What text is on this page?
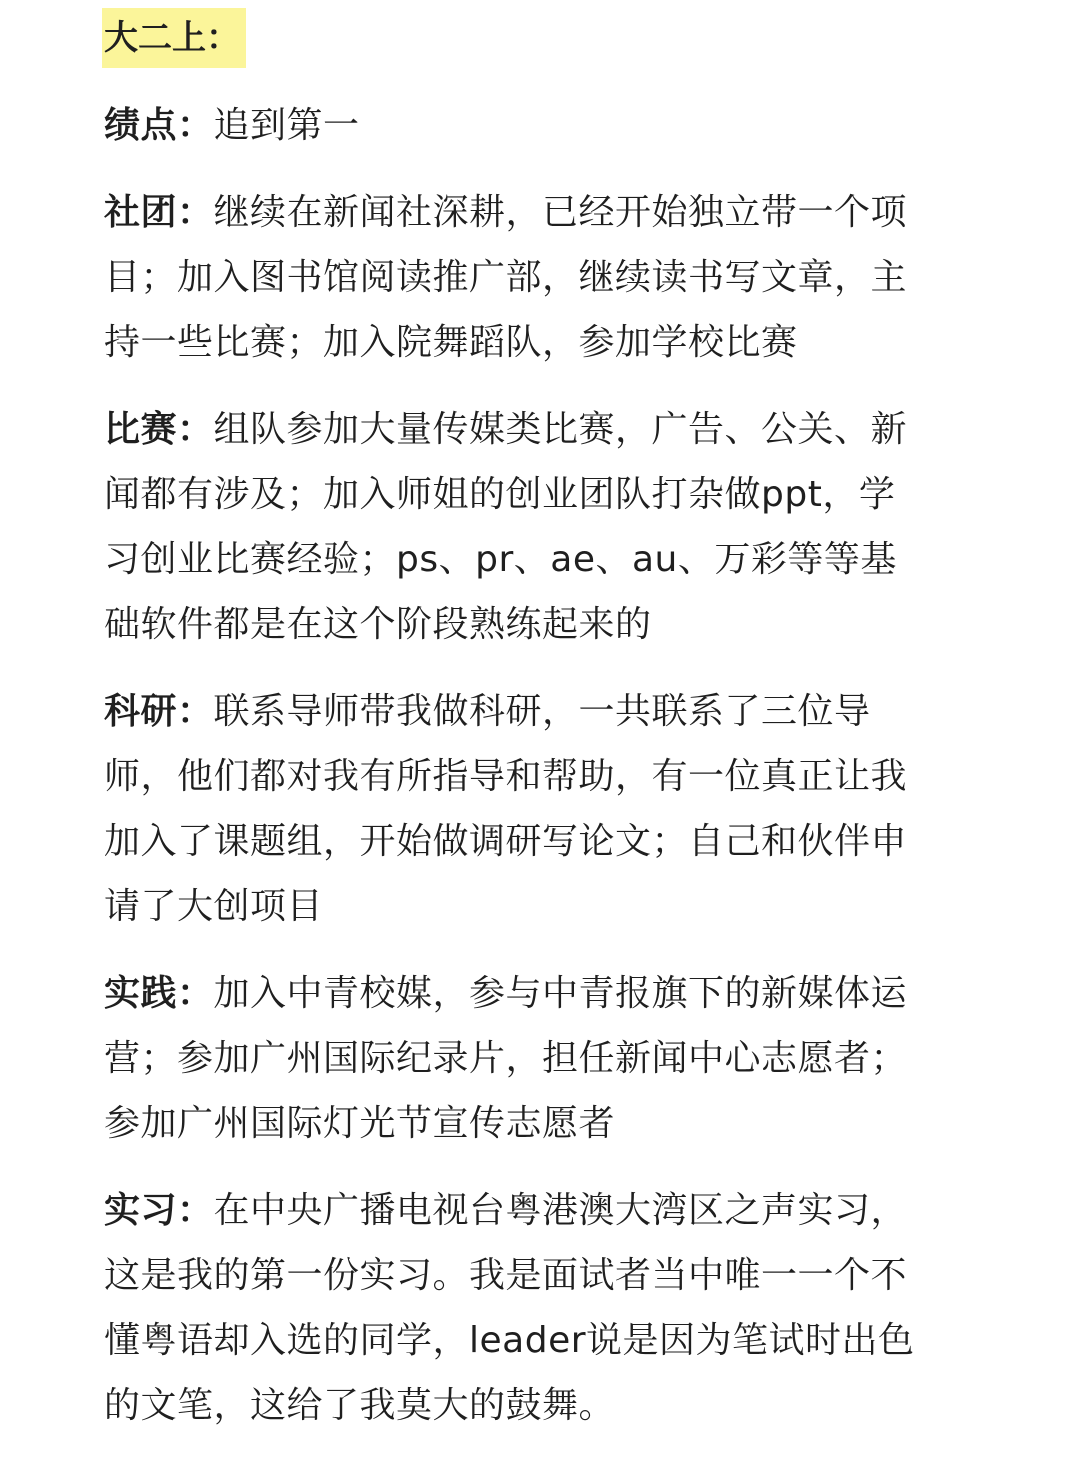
大二上：
绩点：追到第一
社团：继续在新闻社深耕，已经开始独立带一个项目；加入图书馆阅读推广部，继续读书写文章，主持一些比赛；加入院舞蹈队，参加学校比赛
比赛：组队参加大量传媒类比赛，广告、公关、新闻都有涉及；加入师姐的创业团队打杂做ppt，学习创业比赛经验；ps、pr、ae、au、万彩等等基础软件都是在这个阶段熟练起来的
科研：联系导师带我做科研，一共联系了三位导师，他们都对我有所指导和帮助，有一位真正让我加入了课题组，开始做调研写论文；自己和伙伴申请了大创项目
实践：加入中青校媒，参与中青报旗下的新媒体运营；参加广州国际纪录片，担任新闻中心志愿者；参加广州国际灯光节宣传志愿者
实习：在中央广播电视台粤港澳大湾区之声实习，这是我的第一份实习。我是面试者当中唯一一个不懂粤语却入选的同学，leader说是因为笔试时出色的文笔，这给了我莫大的鼓舞。
